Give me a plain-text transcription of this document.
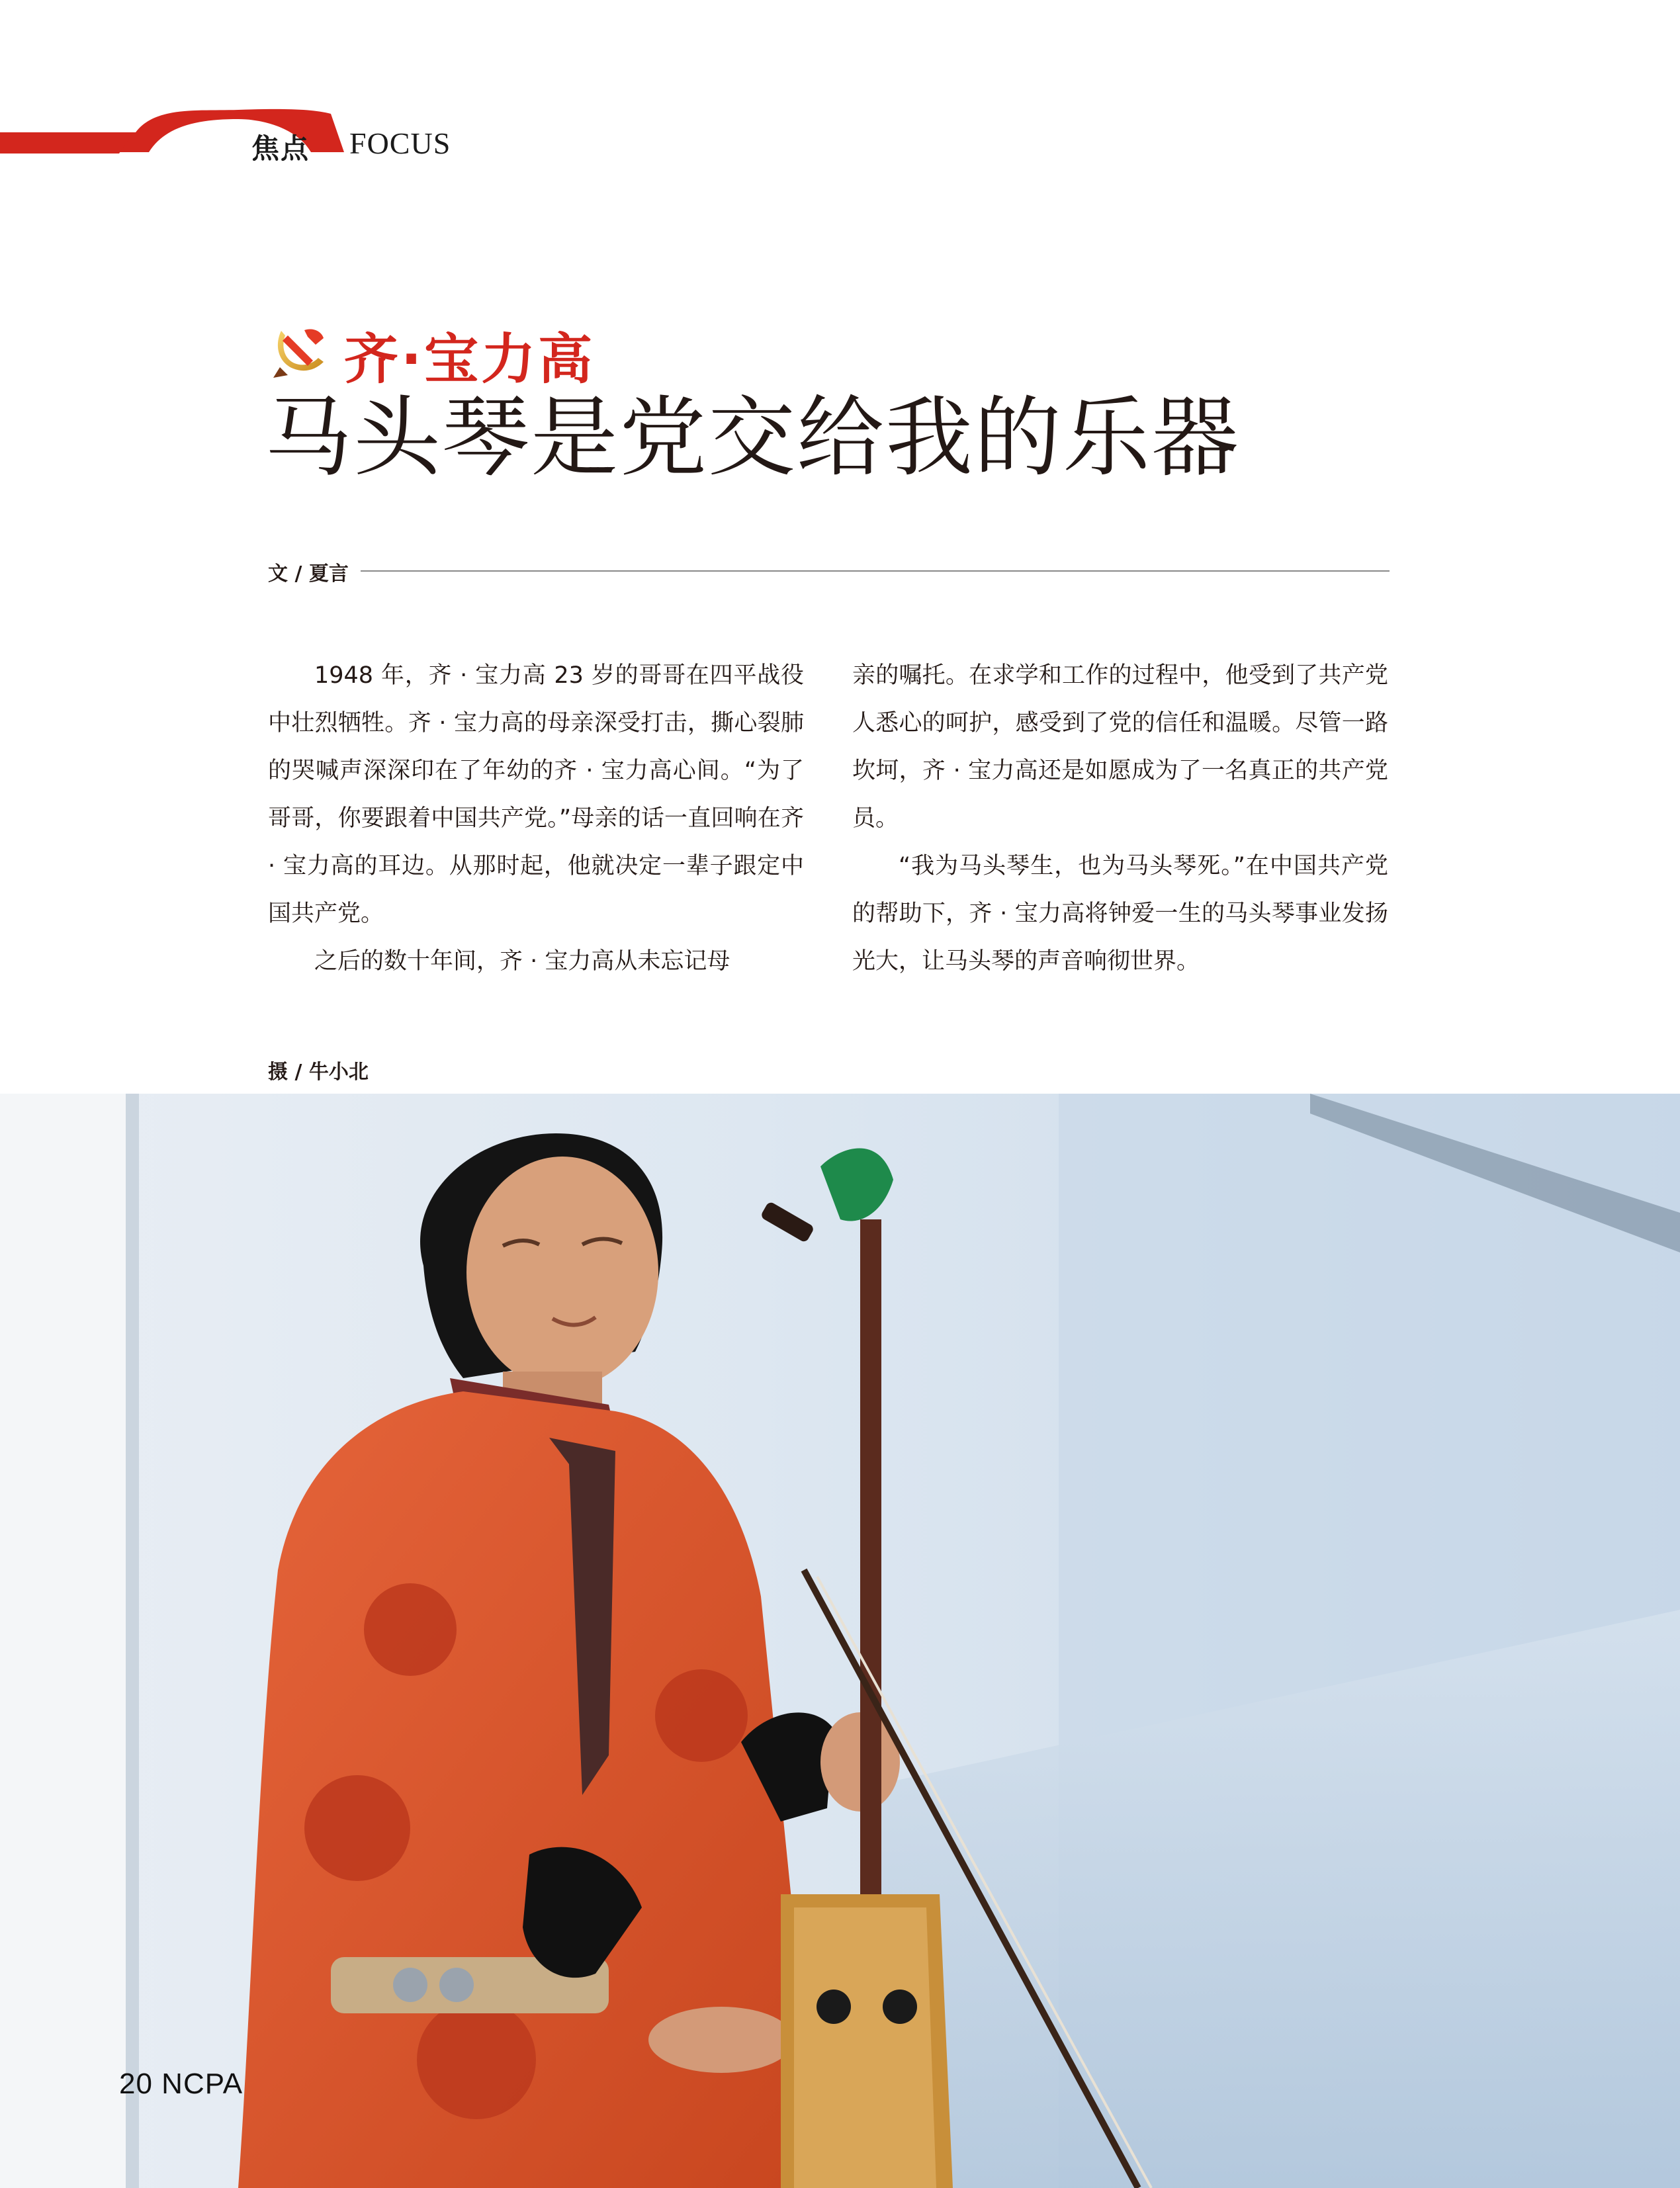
焦点 FOCUS
齐·宝力高
马头琴是党交给我的乐器
文 / 夏言

1948 年，齐 · 宝力高 23 岁的哥哥在四平战役中壮烈牺牲。齐 · 宝力高的母亲深受打击，撕心裂肺的哭喊声深深印在了年幼的齐 · 宝力高心间。“为了哥哥，你要跟着中国共产党。”母亲的话一直回响在齐 · 宝力高的耳边。从那时起，他就决定一辈子跟定中国共产党。

之后的数十年间，齐 · 宝力高从未忘记母

亲的嘱托。在求学和工作的过程中，他受到了共产党人悉心的呵护，感受到了党的信任和温暖。尽管一路坎坷，齐 · 宝力高还是如愿成为了一名真正的共产党员。

“我为马头琴生，也为马头琴死。”在中国共产党的帮助下，齐 · 宝力高将钟爱一生的马头琴事业发扬光大，让马头琴的声音响彻世界。

摄 / 牛小北
20 NCPA
